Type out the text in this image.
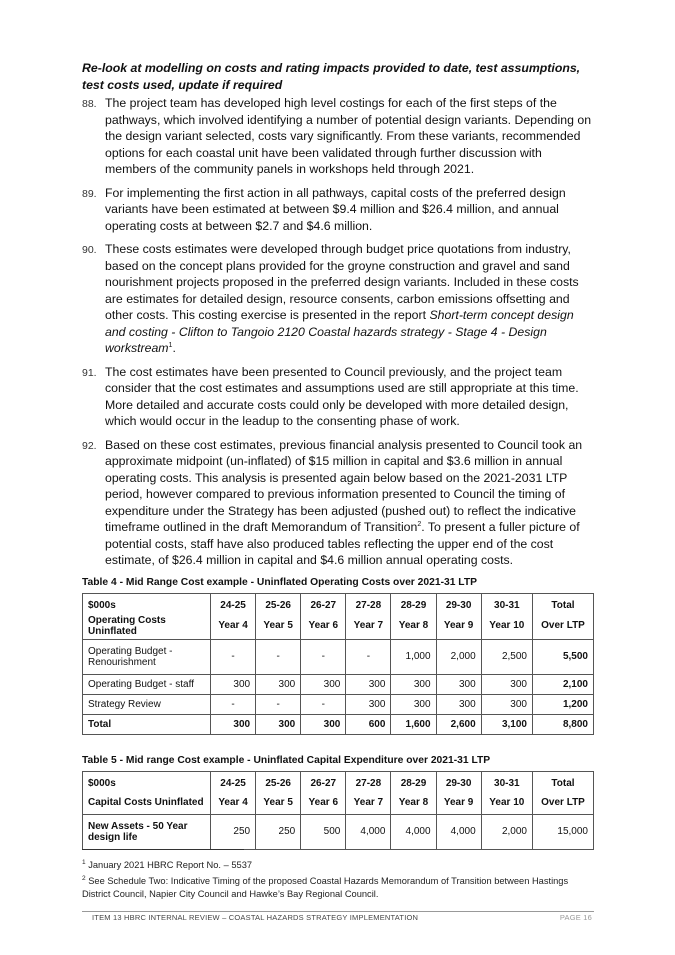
Re-look at modelling on costs and rating impacts provided to date, test assumptions, test costs used, update if required

88. The project team has developed high level costings for each of the first steps of the pathways, which involved identifying a number of potential design variants. Depending on the design variant selected, costs vary significantly. From these variants, recommended options for each coastal unit have been validated through further discussion with members of the community panels in workshops held through 2021.
89. For implementing the first action in all pathways, capital costs of the preferred design variants have been estimated at between $9.4 million and $26.4 million, and annual operating costs at between $2.7 and $4.6 million.
90. These costs estimates were developed through budget price quotations from industry, based on the concept plans provided for the groyne construction and gravel and sand nourishment projects proposed in the preferred design variants. Included in these costs are estimates for detailed design, resource consents, carbon emissions offsetting and other costs. This costing exercise is presented in the report Short-term concept design and costing - Clifton to Tangoio 2120 Coastal hazards strategy - Stage 4 - Design workstream$^1$.
91. The cost estimates have been presented to Council previously, and the project team consider that the cost estimates and assumptions used are still appropriate at this time. More detailed and accurate costs could only be developed with more detailed design, which would occur in the leadup to the consenting phase of work.
92. Based on these cost estimates, previous financial analysis presented to Council took an approximate midpoint (un-inflated) of $15 million in capital and $3.6 million in annual operating costs. This analysis is presented again below based on the 2021-2031 LTP period, however compared to previous information presented to Council the timing of expenditure under the Strategy has been adjusted (pushed out) to reflect the indicative timeframe outlined in the draft Memorandum of Transition$^2$. To present a fuller picture of potential costs, staff have also produced tables reflecting the upper end of the cost estimate, of $26.4 million in capital and $4.6 million annual operating costs.
Table 4 - Mid Range Cost example - Uninflated Operating Costs over 2021-31 LTP
$000s	24-25	25-26	26-27	27-28	28-29	29-30	30-31	Total
Operating Costs Uninflated	Year 4	Year 5	Year 6	Year 7	Year 8	Year 9	Year 10	Over LTP
Operating Budget - Renourishment	-	-	-	-	1,000	2,000	2,500	5,500
Operating Budget - staff	300	300	300	300	300	300	300	2,100
Strategy Review	-	-	-	300	300	300	300	1,200
Total	300	300	300	600	1,600	2,600	3,100	8,800
Table 5 - Mid range Cost example - Uninflated Capital Expenditure over 2021-31 LTP
$000s	24-25	25-26	26-27	27-28	28-29	29-30	30-31	Total
Capital Costs Uninflated	Year 4	Year 5	Year 6	Year 7	Year 8	Year 9	Year 10	Over LTP
New Assets - 50 Year design life	250	250	500	4,000	4,000	4,000	2,000	15,000
$^1$ January 2021 HBRC Report No. – 5537
$^2$ See Schedule Two: Indicative Timing of the proposed Coastal Hazards Memorandum of Transition between Hastings District Council, Napier City Council and Hawke’s Bay Regional Council.
ITEM 13 HBRC INTERNAL REVIEW – COASTAL HAZARDS STRATEGY IMPLEMENTATION	PAGE 16
